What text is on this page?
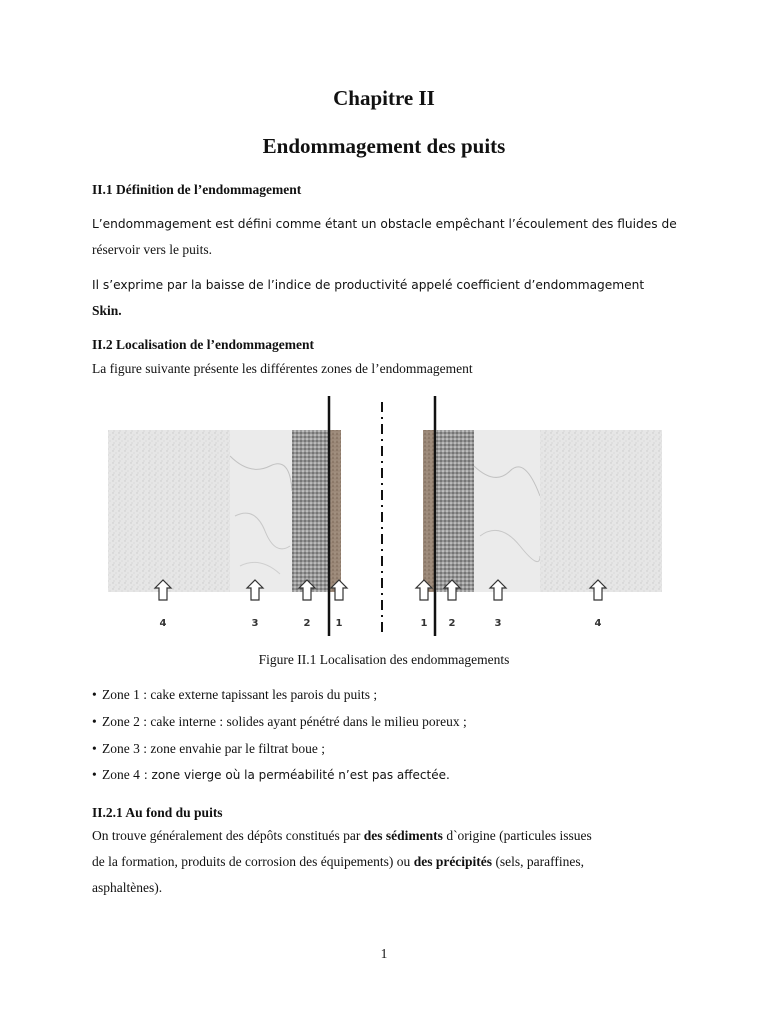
Chapitre II
Endommagement des puits
II.1 Définition de l’endommagement
L’endommagement est défini comme étant un obstacle empêchant l’écoulement des fluides de
réservoir vers le puits.
Il s’exprime par la baisse de l’indice de productivité appelé coefficient d’endommagement
Skin.
II.2 Localisation de l’endommagement
La figure suivante présente les différentes zones de l’endommagement
4	3	2	1	1 2	3	4
Figure II.1 Localisation des endommagements
• Zone 1 : cake externe tapissant les parois du puits ;
• Zone 2 : cake interne : solides ayant pénétré dans le milieu poreux ;
• Zone 3 : zone envahie par le filtrat boue ;
• Zone 4 : zone vierge où la perméabilité n’est pas affectée.
II.2.1 Au fond du puits
On trouve généralement des dépôts constitués par des sédiments d`origine (particules issues
de la formation, produits de corrosion des équipements) ou des précipités (sels, paraffines,
asphaltènes).
1
